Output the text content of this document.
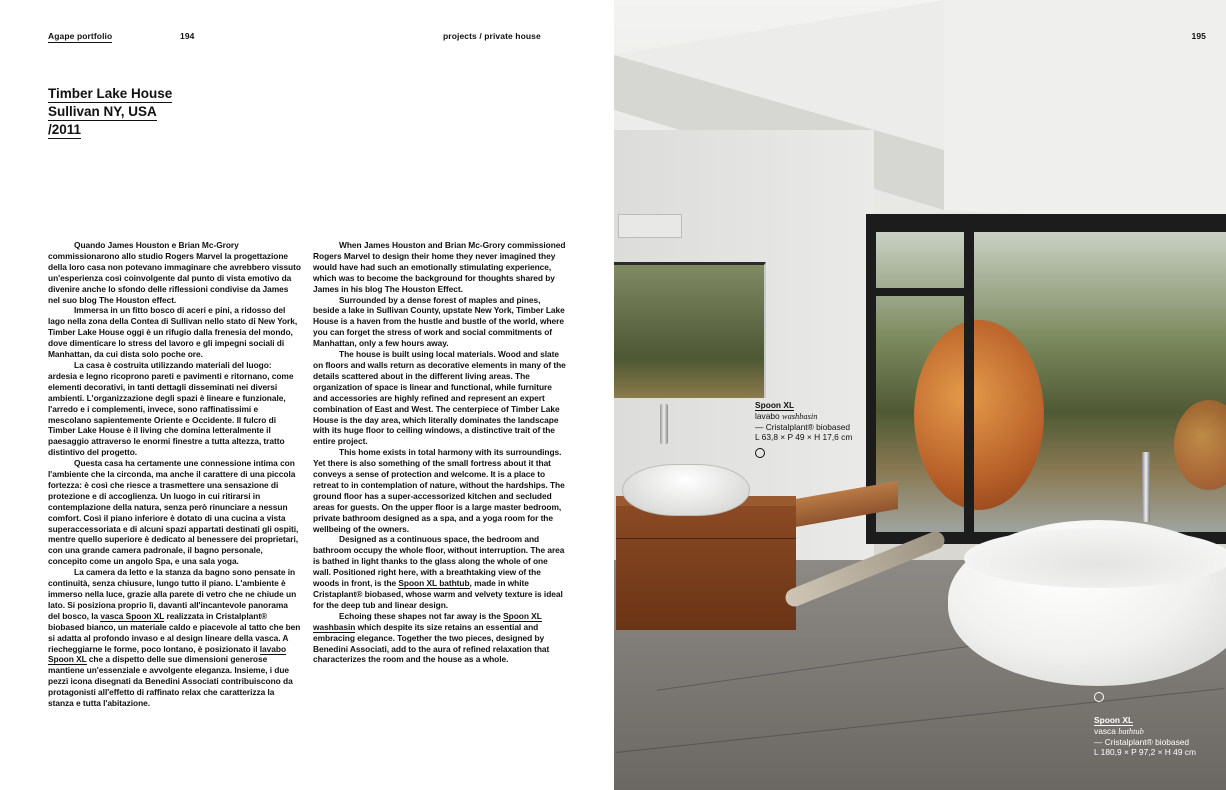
Agape portfolio	194	projects / private house
Timber Lake House
Sullivan NY, USA
/2011

Quando James Houston e Brian Mc-Grory commissionarono allo studio Rogers Marvel la progettazione della loro casa non potevano immaginare che avrebbero vissuto un'esperienza così coinvolgente dal punto di vista emotivo da divenire anche lo sfondo delle riflessioni condivise da James nel suo blog The Houston effect.

Immersa in un fitto bosco di aceri e pini, a ridosso del lago nella zona della Contea di Sullivan nello stato di New York, Timber Lake House oggi è un rifugio dalla frenesia del mondo, dove dimenticare lo stress del lavoro e gli impegni sociali di Manhattan, da cui dista solo poche ore.

La casa è costruita utilizzando materiali del luogo: ardesia e legno ricoprono pareti e pavimenti e ritornano, come elementi decorativi, in tanti dettagli disseminati nei diversi ambienti. L'organizzazione degli spazi è lineare e funzionale, l'arredo e i complementi, invece, sono raffinatissimi e mescolano sapientemente Oriente e Occidente. Il fulcro di Timber Lake House è il living che domina letteralmente il paesaggio attraverso le enormi finestre a tutta altezza, tratto distintivo del progetto.

Questa casa ha certamente une connessione intima con l'ambiente che la circonda, ma anche il carattere di una piccola fortezza: è così che riesce a trasmettere una sensazione di protezione e di accoglienza. Un luogo in cui ritirarsi in contemplazione della natura, senza però rinunciare a nessun comfort. Così il piano inferiore è dotato di una cucina a vista superaccessoriata e di alcuni spazi appartati destinati gli ospiti, mentre quello superiore è dedicato al benessere dei proprietari, con una grande camera padronale, il bagno personale, concepito come un angolo Spa, e una sala yoga.

La camera da letto e la stanza da bagno sono pensate in continuità, senza chiusure, lungo tutto il piano. L'ambiente è immerso nella luce, grazie alla parete di vetro che ne chiude un lato. Si posiziona proprio lì, davanti all'incantevole panorama del bosco, la vasca Spoon XL realizzata in Cristalplant® biobased bianco, un materiale caldo e piacevole al tatto che ben si adatta al profondo invaso e al design lineare della vasca. A riecheggiarne le forme, poco lontano, è posizionato il lavabo Spoon XL che a dispetto delle sue dimensioni generose mantiene un'essenziale e avvolgente eleganza. Insieme, i due pezzi icona disegnati da Benedini Associati contribuiscono da protagonisti all'effetto di raffinato relax che caratterizza la stanza e tutta l'abitazione.

When James Houston and Brian Mc-Grory commissioned Rogers Marvel to design their home they never imagined they would have had such an emotionally stimulating experience, which was to become the background for thoughts shared by James in his blog The Houston Effect.

Surrounded by a dense forest of maples and pines, beside a lake in Sullivan County, upstate New York, Timber Lake House is a haven from the hustle and bustle of the world, where you can forget the stress of work and social commitments of Manhattan, only a few hours away.

The house is built using local materials. Wood and slate on floors and walls return as decorative elements in many of the details scattered about in the different living areas. The organization of space is linear and functional, while furniture and accessories are highly refined and represent an expert combination of East and West. The centerpiece of Timber Lake House is the day area, which literally dominates the landscape with its huge floor to ceiling windows, a distinctive trait of the entire project.

This home exists in total harmony with its surroundings. Yet there is also something of the small fortress about it that conveys a sense of protection and welcome. It is a place to retreat to in contemplation of nature, without the hardships. The ground floor has a super-accessorized kitchen and secluded areas for guests. On the upper floor is a large master bedroom, private bathroom designed as a spa, and a yoga room for the wellbeing of the owners.

Designed as a continuous space, the bedroom and bathroom occupy the whole floor, without interruption. The area is bathed in light thanks to the glass along the whole of one wall. Positioned right here, with a breathtaking view of the woods in front, is the Spoon XL bathtub, made in white Cristaplant® biobased, whose warm and velvety texture is ideal for the deep tub and linear design.

Echoing these shapes not far away is the Spoon XL washbasin which despite its size retains an essential and embracing elegance. Together the two pieces, designed by Benedini Associati, add to the aura of refined relaxation that characterizes the room and the house as a whole.

195
Spoon XL
lavabo washbasin
— Cristalplant® biobased
L 63,8 × P 49 × H 17,6 cm
Spoon XL
vasca bathtub
— Cristalplant® biobased
L 180,9 × P 97,2 × H 49 cm
